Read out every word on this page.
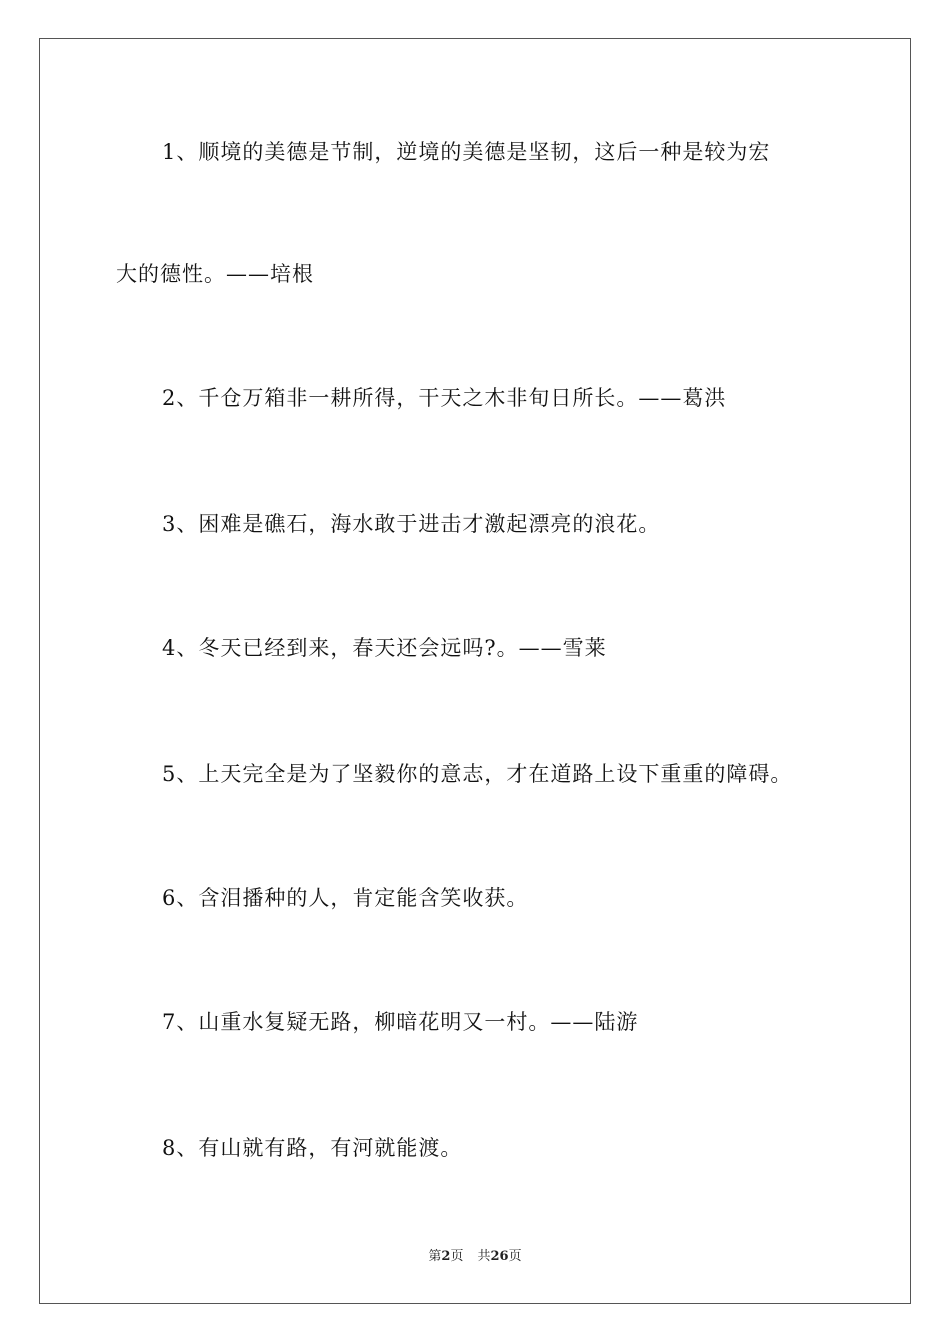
1、顺境的美德是节制，逆境的美德是坚韧，这后一种是较为宏
大的德性。——培根
2、千仓万箱非一耕所得，干天之木非旬日所长。——葛洪
3、困难是礁石，海水敢于进击才激起漂亮的浪花。
4、冬天已经到来，春天还会远吗?。——雪莱
5、上天完全是为了坚毅你的意志，才在道路上设下重重的障碍。
6、含泪播种的人，肯定能含笑收获。
7、山重水复疑无路，柳暗花明又一村。——陆游
8、有山就有路，有河就能渡。
第2页 共26页
